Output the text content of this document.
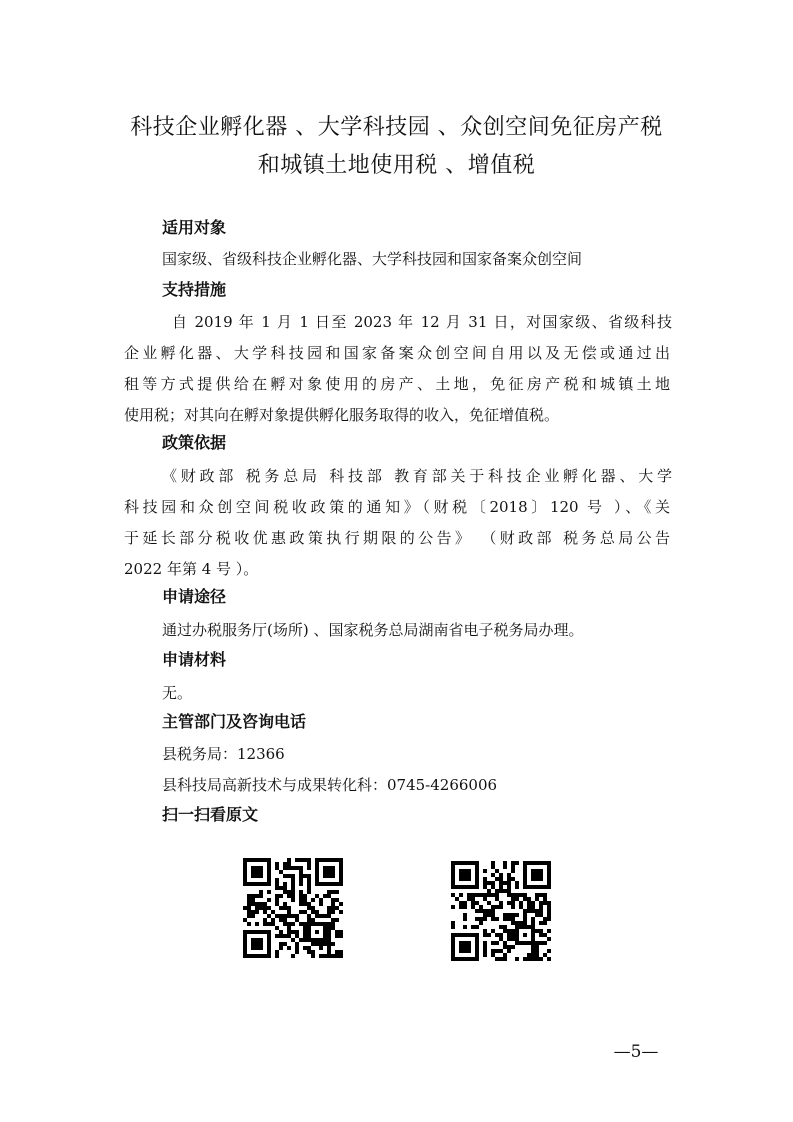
科技企业孵化器 、大学科技园 、众创空间免征房产税
和城镇土地使用税 、增值税
适用对象
国家级、省级科技企业孵化器、大学科技园和国家备案众创空间
支持措施
自 2019 年 1 月 1 日至 2023 年 12 月 31 日，对国家级、省级科技
企业孵化器、大学科技园和国家备案众创空间自用以及无偿或通过出
租等方式提供给在孵对象使用的房产、土地，免征房产税和城镇土地
使用税；对其向在孵对象提供孵化服务取得的收入，免征增值税。
政策依据
《财政部 税务总局 科技部 教育部关于科技企业孵化器、大学
科技园和众创空间税收政策的通知》（财税〔2018〕120 号 ）、《关
于延长部分税收优惠政策执行期限的公告》 （财政部 税务总局公告
2022 年第 4 号 ）。
申请途径
通过办税服务厅(场所) 、国家税务总局湖南省电子税务局办理。
申请材料
无。
主管部门及咨询电话
县税务局：12366
县科技局高新技术与成果转化科：0745-4266006
扫一扫看原文
—5—
